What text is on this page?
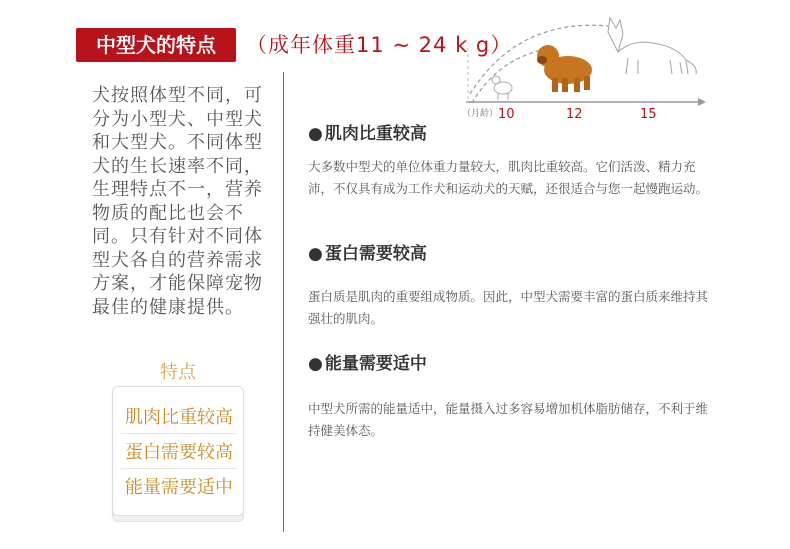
中型犬的特点	（成年体重11 ~ 24 k g）
犬按照体型不同，可分为小型犬、中型犬和大型犬。不同体型犬的生长速率不同，生理特点不一，营养物质的配比也会不同。只有针对不同体型犬各自的营养需求方案，才能保障宠物最佳的健康提供。
（月龄） 10	12	15
● 肌肉比重较高
大多数中型犬的单位体重力量较大，肌肉比重较高。它们活泼、精力充沛，不仅具有成为工作犬和运动犬的天赋，还很适合与您一起慢跑运动。
● 蛋白需要较高
蛋白质是肌肉的重要组成物质。因此，中型犬需要丰富的蛋白质来维持其强壮的肌肉。
● 能量需要适中
中型犬所需的能量适中，能量摄入过多容易增加机体脂肪储存，不利于维持健美体态。
特点
肌肉比重较高
蛋白需要较高
能量需要适中
